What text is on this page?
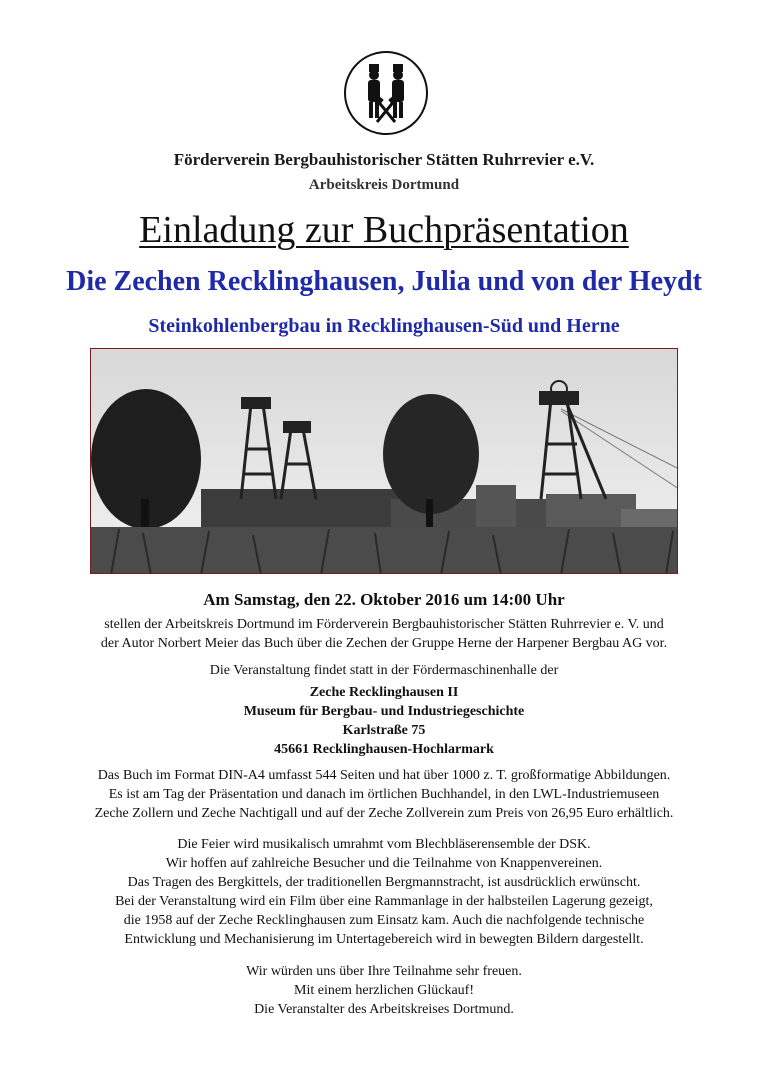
Förderverein Bergbauhistorischer Stätten Ruhrrevier e.V.
Arbeitskreis Dortmund
Einladung zur Buchpräsentation
Die Zechen Recklinghausen, Julia und von der Heydt
Steinkohlenbergbau in Recklinghausen-Süd und Herne
Am Samstag, den 22. Oktober 2016 um 14:00 Uhr
stellen der Arbeitskreis Dortmund im Förderverein Bergbauhistorischer Stätten Ruhrrevier e. V. und
der Autor Norbert Meier das Buch über die Zechen der Gruppe Herne der Harpener Bergbau AG vor.
Die Veranstaltung findet statt in der Fördermaschinenhalle der
Zeche Recklinghausen II
Museum für Bergbau- und Industriegeschichte
Karlstraße 75
45661 Recklinghausen-Hochlarmark
Das Buch im Format DIN-A4 umfasst 544 Seiten und hat über 1000 z. T. großformatige Abbildungen.
Es ist am Tag der Präsentation und danach im örtlichen Buchhandel, in den LWL-Industriemuseen
Zeche Zollern und Zeche Nachtigall und auf der Zeche Zollverein zum Preis von 26,95 Euro erhältlich.
Die Feier wird musikalisch umrahmt vom Blechbläserensemble der DSK.
Wir hoffen auf zahlreiche Besucher und die Teilnahme von Knappenvereinen.
Das Tragen des Bergkittels, der traditionellen Bergmannstracht, ist ausdrücklich erwünscht.
Bei der Veranstaltung wird ein Film über eine Rammanlage in der halbsteilen Lagerung gezeigt,
die 1958 auf der Zeche Recklinghausen zum Einsatz kam. Auch die nachfolgende technische
Entwicklung und Mechanisierung im Untertagebereich wird in bewegten Bildern dargestellt.
Wir würden uns über Ihre Teilnahme sehr freuen.
Mit einem herzlichen Glückauf!
Die Veranstalter des Arbeitskreises Dortmund.
